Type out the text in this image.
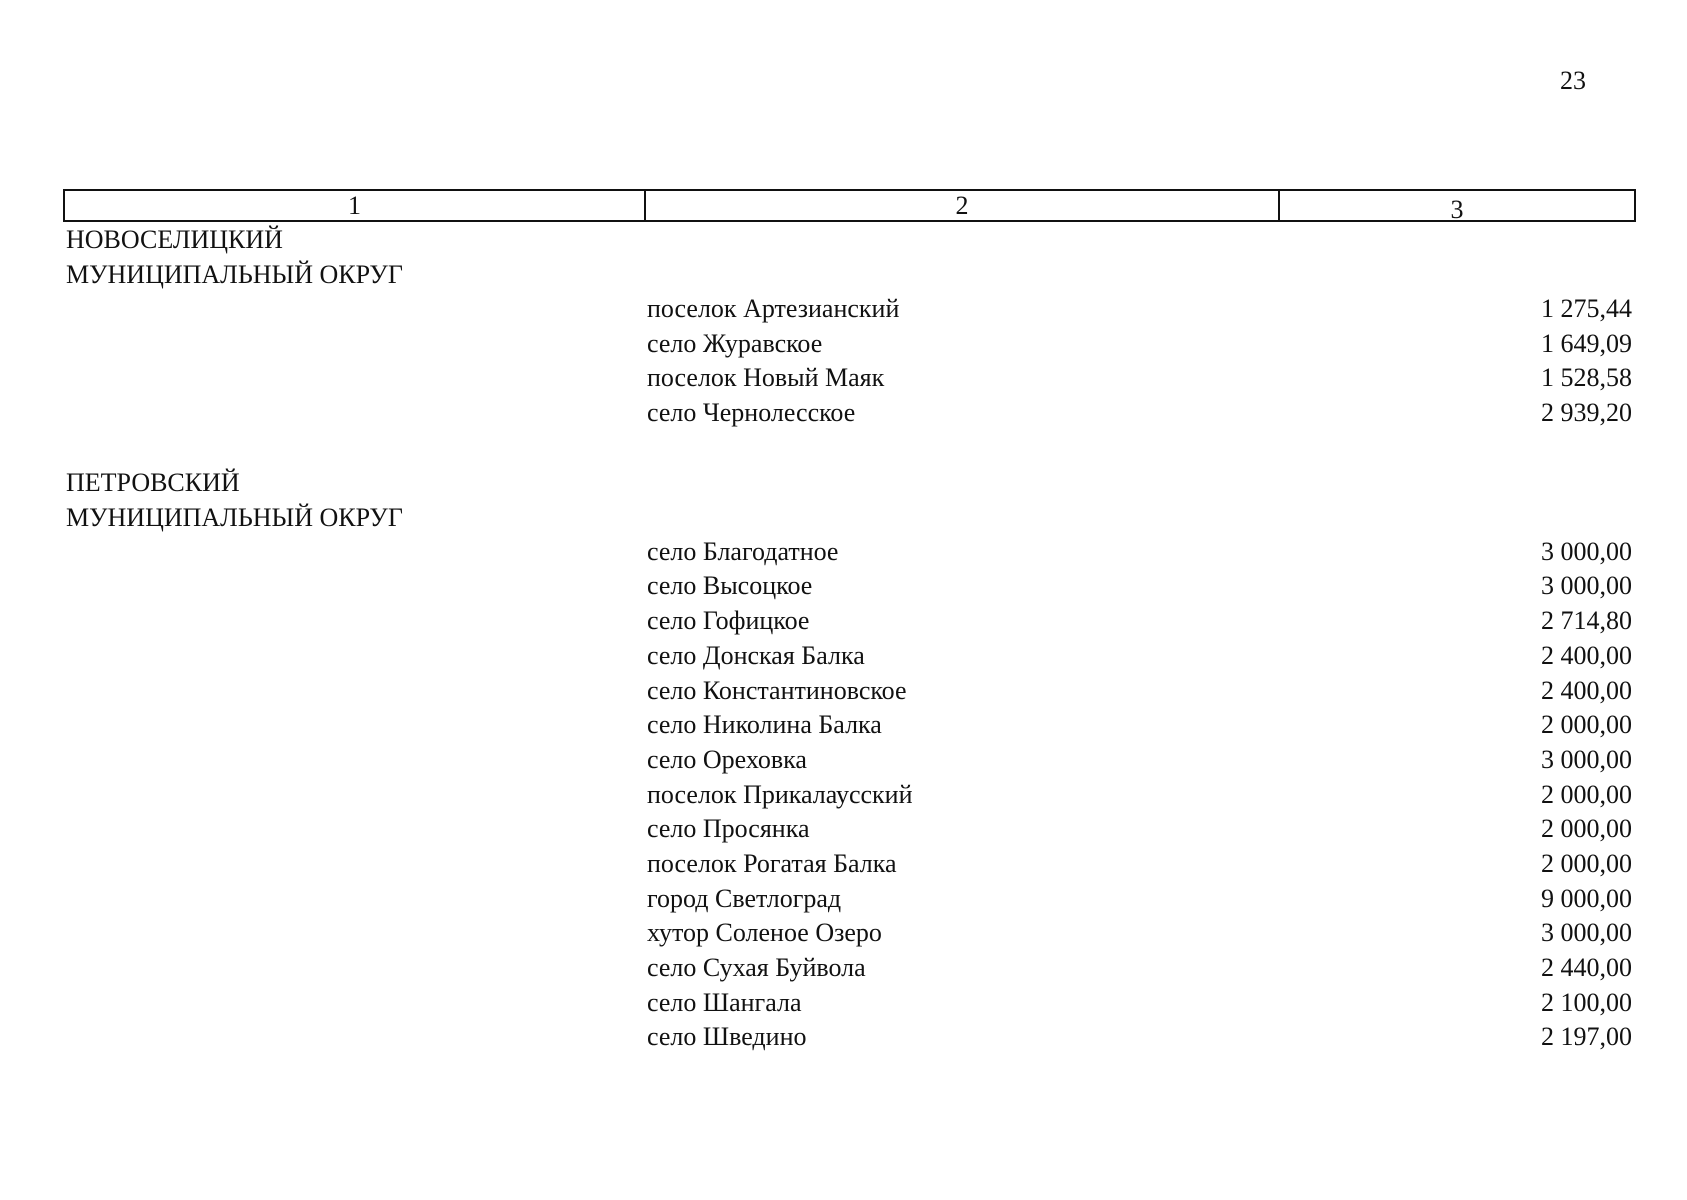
23
1	2	3
НОВОСЕЛИЦКИЙ
МУНИЦИПАЛЬНЫЙ ОКРУГ
поселок Артезианский	1 275,44
село Журавское	1 649,09
поселок Новый Маяк	1 528,58
село Чернолесское	2 939,20
ПЕТРОВСКИЙ
МУНИЦИПАЛЬНЫЙ ОКРУГ
село Благодатное	3 000,00
село Высоцкое	3 000,00
село Гофицкое	2 714,80
село Донская Балка	2 400,00
село Константиновское	2 400,00
село Николина Балка	2 000,00
село Ореховка	3 000,00
поселок Прикалаусский	2 000,00
село Просянка	2 000,00
поселок Рогатая Балка	2 000,00
город Светлоград	9 000,00
хутор Соленое Озеро	3 000,00
село Сухая Буйвола	2 440,00
село Шангала	2 100,00
село Шведино	2 197,00
